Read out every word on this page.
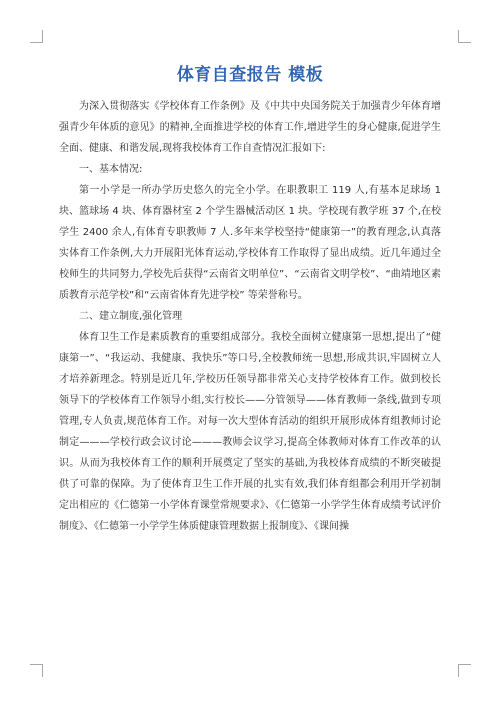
体育自查报告 模板

为深入贯彻落实《学校体育工作条例》及《中共中央国务院关于加强青少年体育增强青少年体质的意见》的精神,全面推进学校的体育工作,增进学生的身心健康,促进学生全面、健康、和谐发展,现将我校体育工作自查情况汇报如下:

一、基本情况:

第一小学是一所办学历史悠久的完全小学。在职教职工 119 人,有基本足球场 1 块、篮球场 4 块、体育器材室 2 个学生器械活动区 1 块。学校现有教学班 37 个,在校学生 2400 余人,有体育专职教师 7 人.多年来学校坚持“健康第一”的教育理念,认真落实体育工作条例,大力开展阳光体育运动,学校体育工作取得了显出成绩。近几年通过全校师生的共同努力,学校先后获得“云南省文明单位”、“云南省文明学校”、“曲靖地区素质教育示范学校”和“云南省体育先进学校” 等荣誉称号。

二、建立制度,强化管理

体育卫生工作是素质教育的重要组成部分。我校全面树立健康第一思想,提出了“健康第一”、“我运动、我健康、我快乐”等口号,全校教师统一思想,形成共识,牢固树立人才培养新理念。特别是近几年,学校历任领导都非常关心支持学校体育工作。做到校长领导下的学校体育工作领导小组,实行校长——分管领导——体育教师一条线,做到专项管理,专人负责,规范体育工作。对每一次大型体育活动的组织开展形成体育组教师讨论制定———学校行政会议讨论———教师会议学习,提高全体教师对体育工作改革的认识。从而为我校体育工作的顺利开展奠定了坚实的基础,为我校体育成绩的不断突破提供了可靠的保障。为了使体育卫生工作开展的扎实有效,我们体育组都会利用开学初制定出相应的《仁德第一小学体育课堂常规要求》、《仁德第一小学学生体育成绩考试评价制度》、《仁德第一小学学生体质健康管理数据上报制度》、《课间操
